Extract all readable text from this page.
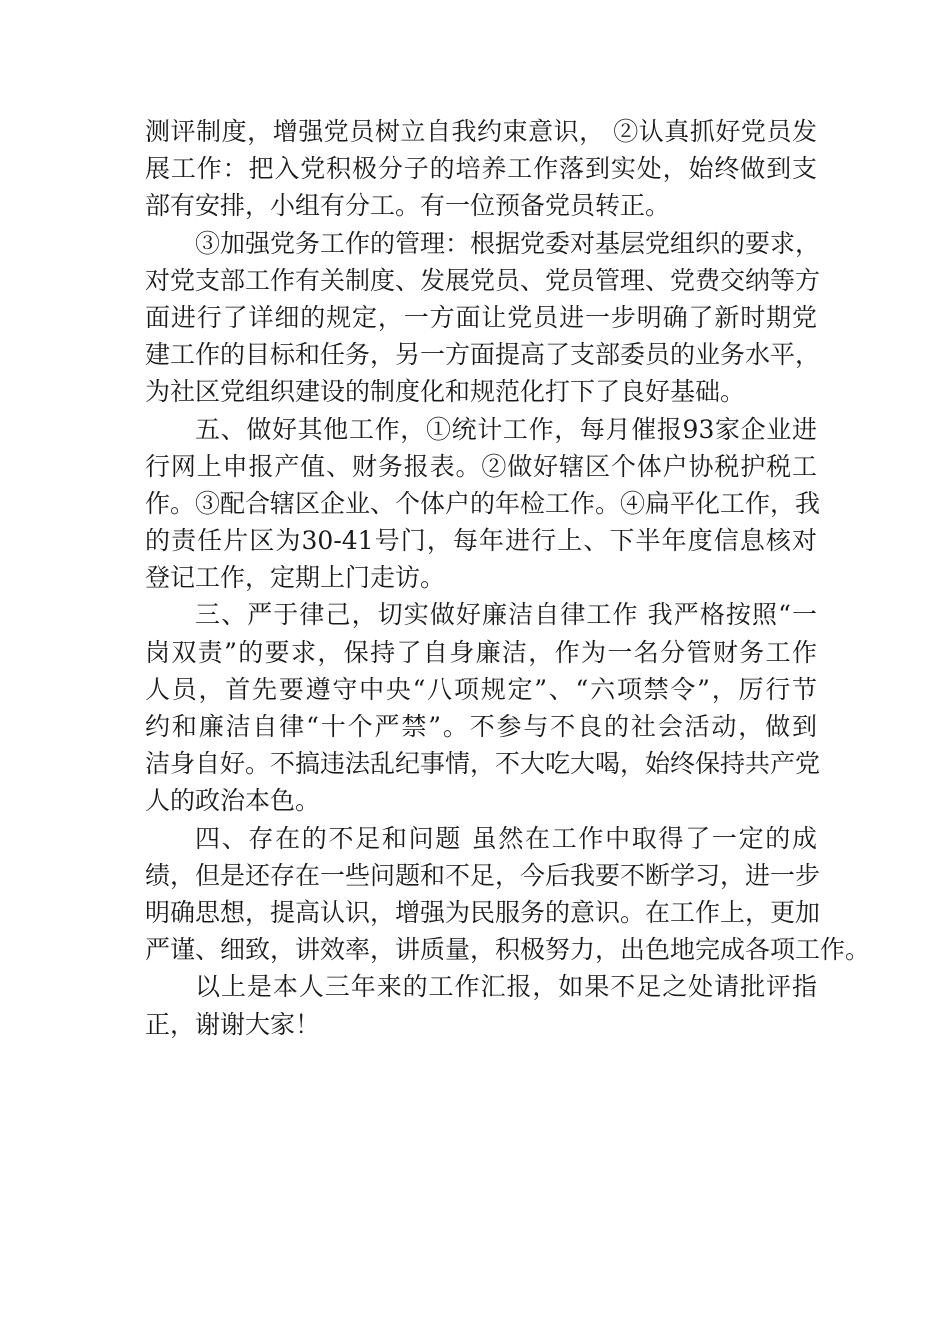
测评制度，增强党员树立自我约束意识， ②认真抓好党员发
展工作：把入党积极分子的培养工作落到实处，始终做到支
部有安排，小组有分工。有一位预备党员转正。

③加强党务工作的管理：根据党委对基层党组织的要求，
对党支部工作有关制度、发展党员、党员管理、党费交纳等方
面进行了详细的规定，一方面让党员进一步明确了新时期党
建工作的目标和任务，另一方面提高了支部委员的业务水平，
为社区党组织建设的制度化和规范化打下了良好基础。

五、做好其他工作，①统计工作，每月催报93家企业进
行网上申报产值、财务报表。②做好辖区个体户协税护税工
作。③配合辖区企业、个体户的年检工作。④扁平化工作，我
的责任片区为30-41号门，每年进行上、下半年度信息核对
登记工作，定期上门走访。

三、严于律己，切实做好廉洁自律工作 我严格按照“一
岗双责”的要求，保持了自身廉洁，作为一名分管财务工作
人员，首先要遵守中央“八项规定”、“六项禁令”，厉行节
约和廉洁自律“十个严禁”。不参与不良的社会活动，做到
洁身自好。不搞违法乱纪事情，不大吃大喝，始终保持共产党
人的政治本色。

四、存在的不足和问题 虽然在工作中取得了一定的成
绩，但是还存在一些问题和不足，今后我要不断学习，进一步
明确思想，提高认识，增强为民服务的意识。在工作上，更加
严谨、细致，讲效率，讲质量，积极努力，出色地完成各项工作。

以上是本人三年来的工作汇报，如果不足之处请批评指
正，谢谢大家！
